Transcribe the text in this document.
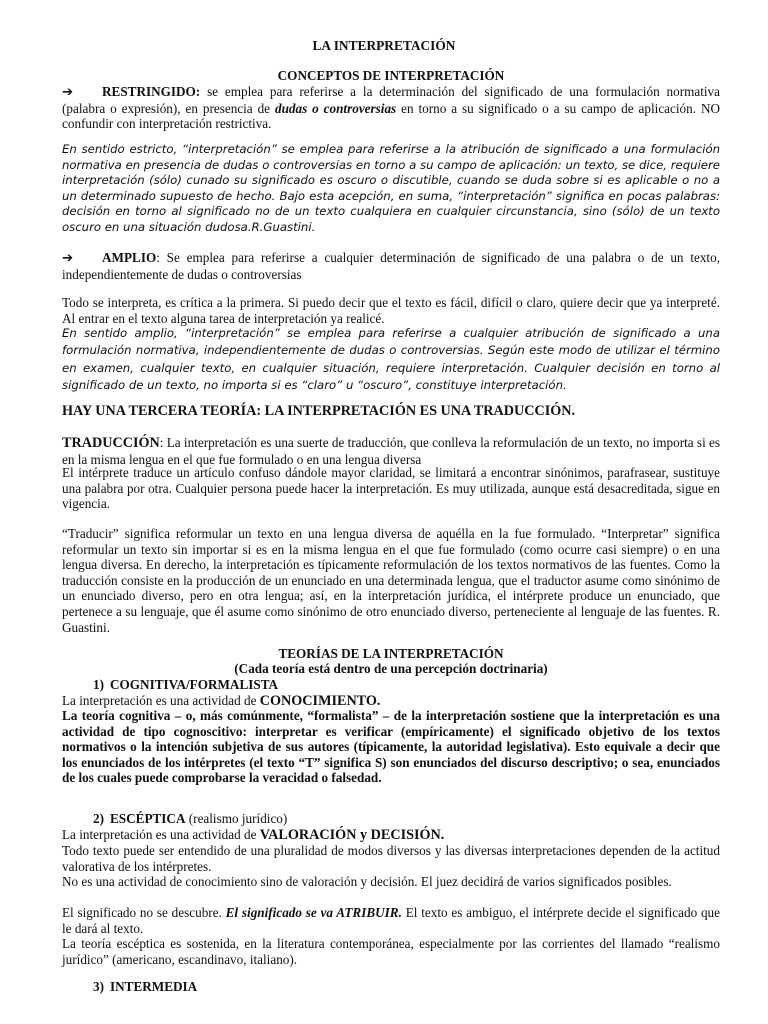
LA INTERPRETACIÓN
CONCEPTOS DE INTERPRETACIÓN

➔ RESTRINGIDO: se emplea para referirse a la determinación del significado de una formulación normativa (palabra o expresión), en presencia de dudas o controversias en torno a su significado o a su campo de aplicación. NO confundir con interpretación restrictiva.

En sentido estricto, “interpretación” se emplea para referirse a la atribución de significado a una formulación normativa en presencia de dudas o controversias en torno a su campo de aplicación: un texto, se dice, requiere interpretación (sólo) cunado su significado es oscuro o discutible, cuando se duda sobre si es aplicable o no a un determinado supuesto de hecho. Bajo esta acepción, en suma, “interpretación” significa en pocas palabras: decisión en torno al significado no de un texto cualquiera en cualquier circunstancia, sino (sólo) de un texto oscuro en una situación dudosa.R.Guastini.

➔ AMPLIO: Se emplea para referirse a cualquier determinación de significado de una palabra o de un texto, independientemente de dudas o controversias

Todo se interpreta, es crítica a la primera. Si puedo decir que el texto es fácil, difícil o claro, quiere decir que ya interpreté. Al entrar en el texto alguna tarea de interpretación ya realicé.

En sentido amplio, “interpretación” se emplea para referirse a cualquier atribución de significado a una formulación normativa, independientemente de dudas o controversias. Según este modo de utilizar el término en examen, cualquier texto, en cualquier situación, requiere interpretación. Cualquier decisión en torno al significado de un texto, no importa si es “claro” u “oscuro”, constituye interpretación.

HAY UNA TERCERA TEORÍA: LA INTERPRETACIÓN ES UNA TRADUCCIÓN.

TRADUCCIÓN: La interpretación es una suerte de traducción, que conlleva la reformulación de un texto, no importa si es en la misma lengua en el que fue formulado o en una lengua diversa

El intérprete traduce un artículo confuso dándole mayor claridad, se limitará a encontrar sinónimos, parafrasear, sustituye una palabra por otra. Cualquier persona puede hacer la interpretación. Es muy utilizada, aunque está desacreditada, sigue en vigencia.

“Traducir” significa reformular un texto en una lengua diversa de aquélla en la fue formulado. “Interpretar” significa reformular un texto sin importar si es en la misma lengua en el que fue formulado (como ocurre casi siempre) o en una lengua diversa. En derecho, la interpretación es típicamente reformulación de los textos normativos de las fuentes. Como la traducción consiste en la producción de un enunciado en una determinada lengua, que el traductor asume como sinónimo de un enunciado diverso, pero en otra lengua; así, en la interpretación jurídica, el intérprete produce un enunciado, que pertenece a su lenguaje, que él asume como sinónimo de otro enunciado diverso, perteneciente al lenguaje de las fuentes. R. Guastini.

TEORÍAS DE LA INTERPRETACIÓN
(Cada teoría está dentro de una percepción doctrinaria)
1) COGNITIVA/FORMALISTA

La interpretación es una actividad de CONOCIMIENTO.

La teoría cognitiva – o, más comúnmente, “formalista” – de la interpretación sostiene que la interpretación es una actividad de tipo cognoscitivo: interpretar es verificar (empíricamente) el significado objetivo de los textos normativos o la intención subjetiva de sus autores (típicamente, la autoridad legislativa). Esto equivale a decir que los enunciados de los intérpretes (el texto “T” significa S) son enunciados del discurso descriptivo; o sea, enunciados de los cuales puede comprobarse la veracidad o falsedad.

2) ESCÉPTICA (realismo jurídico)

La interpretación es una actividad de VALORACIÓN y DECISIÓN.

Todo texto puede ser entendido de una pluralidad de modos diversos y las diversas interpretaciones dependen de la actitud valorativa de los intérpretes.

No es una actividad de conocimiento sino de valoración y decisión. El juez decidirá de varios significados posibles.

El significado no se descubre. El significado se va ATRIBUIR. El texto es ambiguo, el intérprete decide el significado que le dará al texto.

La teoría escéptica es sostenida, en la literatura contemporánea, especialmente por las corrientes del llamado “realismo jurídico” (americano, escandinavo, italiano).

3) INTERMEDIA
